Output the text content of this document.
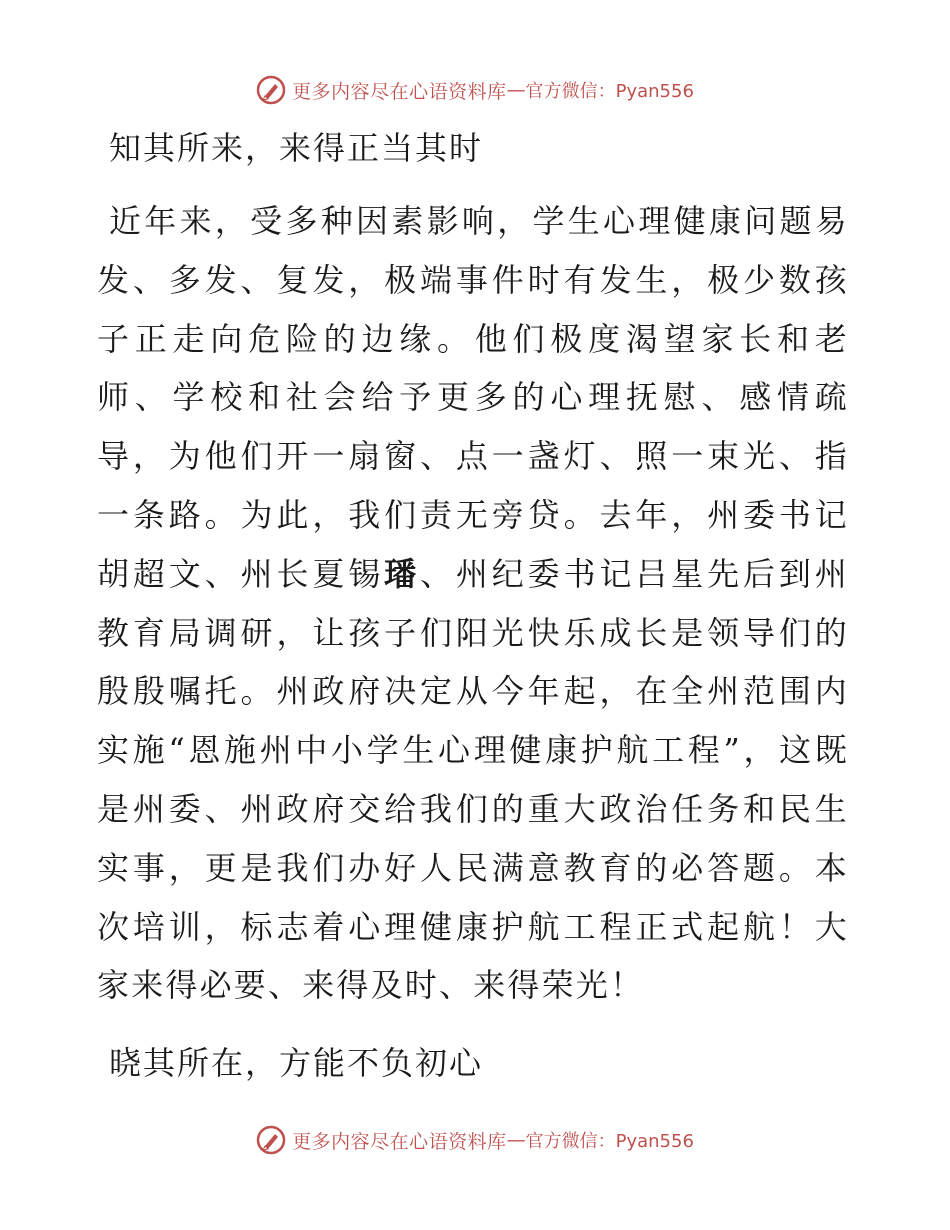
更多内容尽在心语资料库 — 官方微信：Pyan556
知其所来，来得正当其时

近年来，受多种因素影响，学生心理健康问题易发、多发、复发，极端事件时有发生，极少数孩子正走向危险的边缘。他们极度渴望家长和老师、学校和社会给予更多的心理抚慰、感情疏导，为他们开一扇窗、点一盏灯、照一束光、指一条路。为此，我们责无旁贷。去年，州委书记胡超文、州长夏锡璠、州纪委书记吕星先后到州教育局调研，让孩子们阳光快乐成长是领导们的殷殷嘱托。州政府决定从今年起，在全州范围内实施“恩施州中小学生心理健康护航工程”，这既是州委、州政府交给我们的重大政治任务和民生实事，更是我们办好人民满意教育的必答题。本次培训，标志着心理健康护航工程正式起航！大家来得必要、来得及时、来得荣光！

晓其所在，方能不负初心
更多内容尽在心语资料库 — 官方微信：Pyan556
